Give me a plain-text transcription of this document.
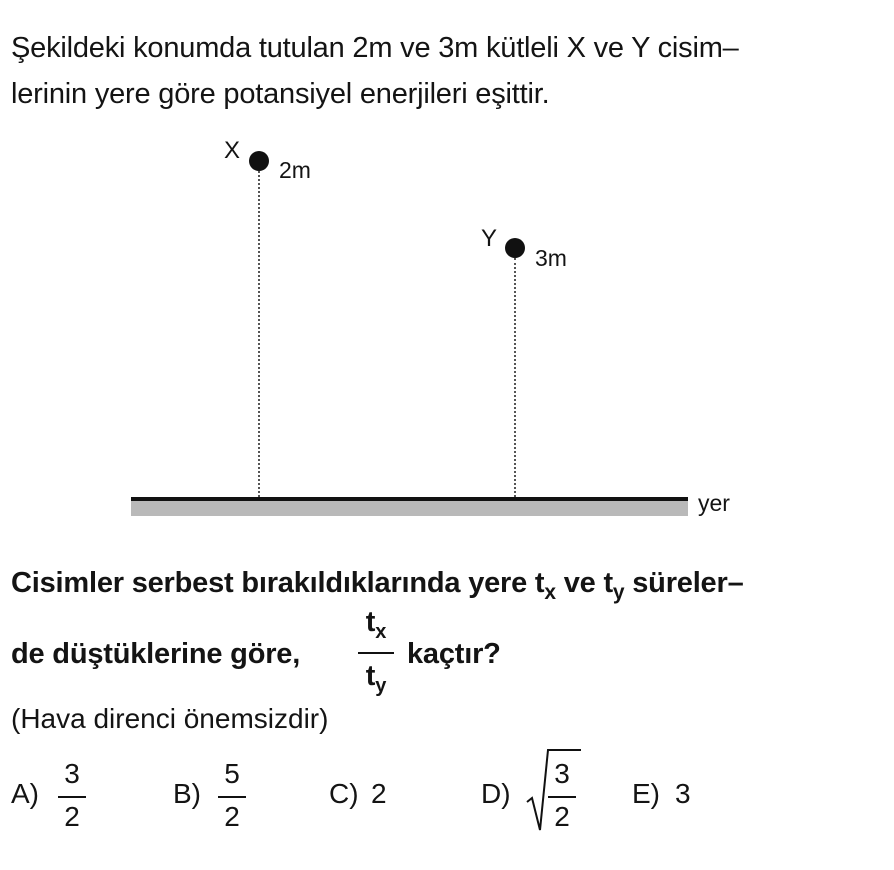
Şekildeki konumda tutulan 2m ve 3m kütleli X ve Y cisim–
lerinin yere göre potansiyel enerjileri eşittir.
X
2m
Y
3m
yer
Cisimler serbest bırakıldıklarında yere $t_x$ ve $t_y$ süreler–
de düştüklerine göre,
$t_x$
$t_y$
kaçtır?
(Hava direnci önemsizdir)
A)
3
2
B)
5
2
C) 2	D)
3
2
E) 3
